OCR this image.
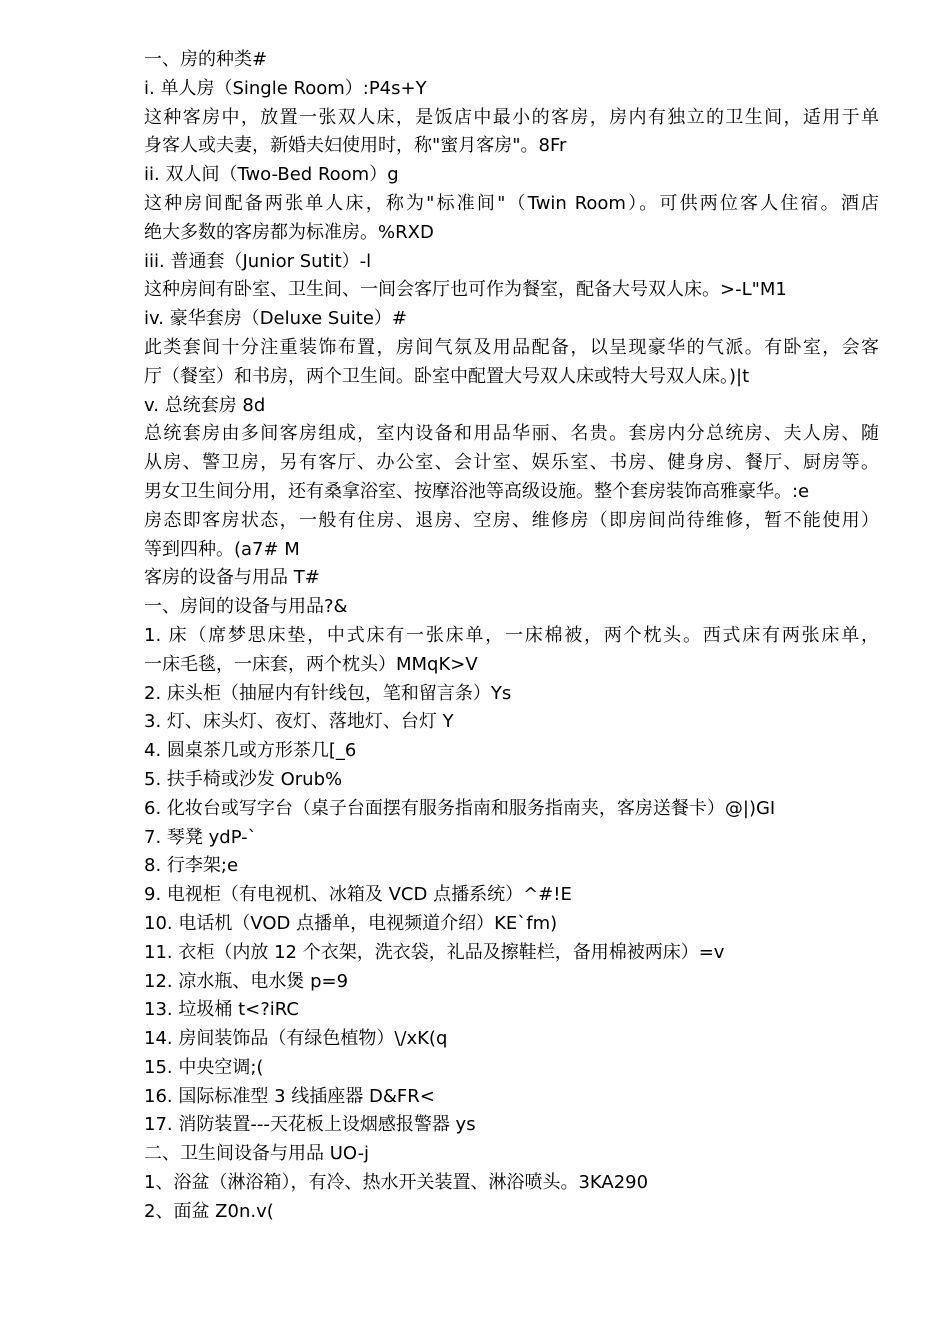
一、房的种类#
i. 单人房（Single Room）:P4s+Y
这种客房中，放置一张双人床，是饭店中最小的客房，房内有独立的卫生间，适用于单
身客人或夫妻，新婚夫妇使用时，称"蜜月客房"。8Fr
ii. 双人间（Two-Bed Room）g
这种房间配备两张单人床，称为"标准间"（Twin Room）。可供两位客人住宿。酒店
绝大多数的客房都为标准房。%RXD
iii. 普通套（Junior Sutit）-l
这种房间有卧室、卫生间、一间会客厅也可作为餐室，配备大号双人床。>-L"M1
iv. 豪华套房（Deluxe Suite）#
此类套间十分注重装饰布置，房间气氛及用品配备，以呈现豪华的气派。有卧室，会客
厅（餐室）和书房，两个卫生间。卧室中配置大号双人床或特大号双人床。)|t
v. 总统套房 8d
总统套房由多间客房组成，室内设备和用品华丽、名贵。套房内分总统房、夫人房、随
从房、警卫房，另有客厅、办公室、会计室、娱乐室、书房、健身房、餐厅、厨房等。
男女卫生间分用，还有桑拿浴室、按摩浴池等高级设施。整个套房装饰高雅豪华。:e
房态即客房状态，一般有住房、退房、空房、维修房（即房间尚待维修，暂不能使用）
等到四种。(a7# M
客房的设备与用品 T#
一、房间的设备与用品?&
1. 床（席梦思床垫，中式床有一张床单，一床棉被，两个枕头。西式床有两张床单，
一床毛毯，一床套，两个枕头）MMqK>V
2. 床头柜（抽屉内有针线包，笔和留言条）Ys
3. 灯、床头灯、夜灯、落地灯、台灯 Y
4. 圆桌茶几或方形茶几[_6
5. 扶手椅或沙发 Orub%
6. 化妆台或写字台（桌子台面摆有服务指南和服务指南夹，客房送餐卡）@|)GI
7. 琴凳 ydP-`
8. 行李架;e
9. 电视柜（有电视机、冰箱及 VCD 点播系统）^#!E
10. 电话机（VOD 点播单，电视频道介绍）KE`fm)
11. 衣柜（内放 12 个衣架，洗衣袋，礼品及擦鞋栏，备用棉被两床）=v
12. 凉水瓶、电水煲 p=9
13. 垃圾桶 t<?iRC
14. 房间装饰品（有绿色植物）\/xK(q
15. 中央空调;(
16. 国际标准型 3 线插座器 D&FR<
17. 消防装置---天花板上设烟感报警器 ys
二、卫生间设备与用品 UO-j
1、浴盆（淋浴箱），有冷、热水开关装置、淋浴喷头。3KA290
2、面盆 Z0n.v(
